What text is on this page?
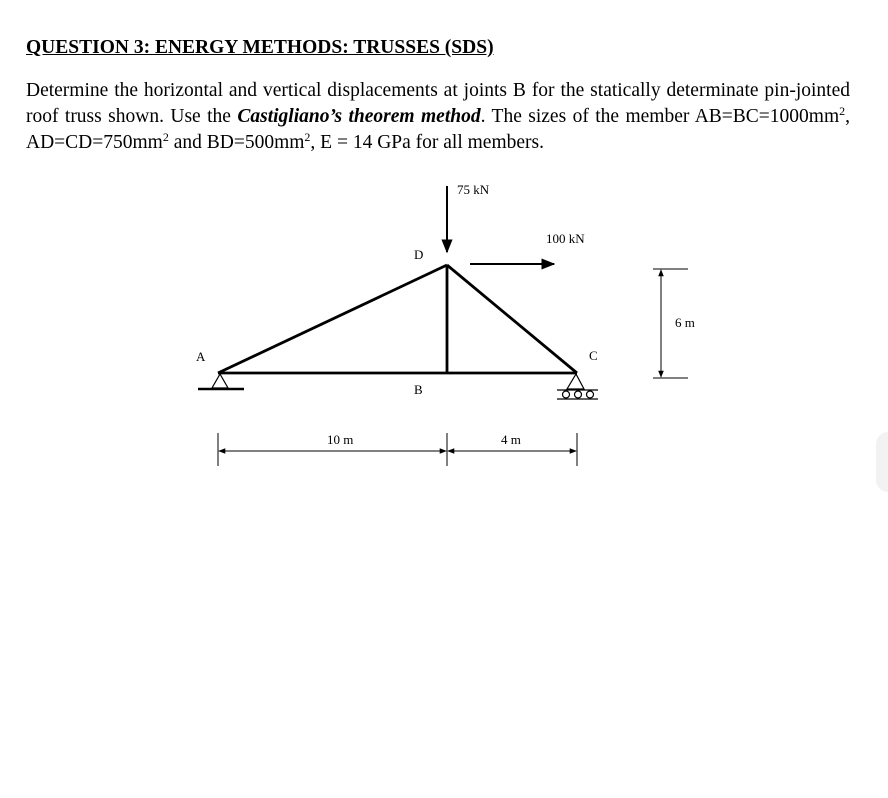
QUESTION 3: ENERGY METHODS: TRUSSES (SDS)

Determine the horizontal and vertical displacements at joints B for the statically determinate pin-jointed roof truss shown. Use the Castigliano’s theorem method. The sizes of the member $AB=BC=1000mm^2$, $AD=CD=750mm^2$ and $BD=500mm^2$, E = 14 GPa for all members.

75 kN
100 kN
A
B
C
D
10 m	4 m
6 m
